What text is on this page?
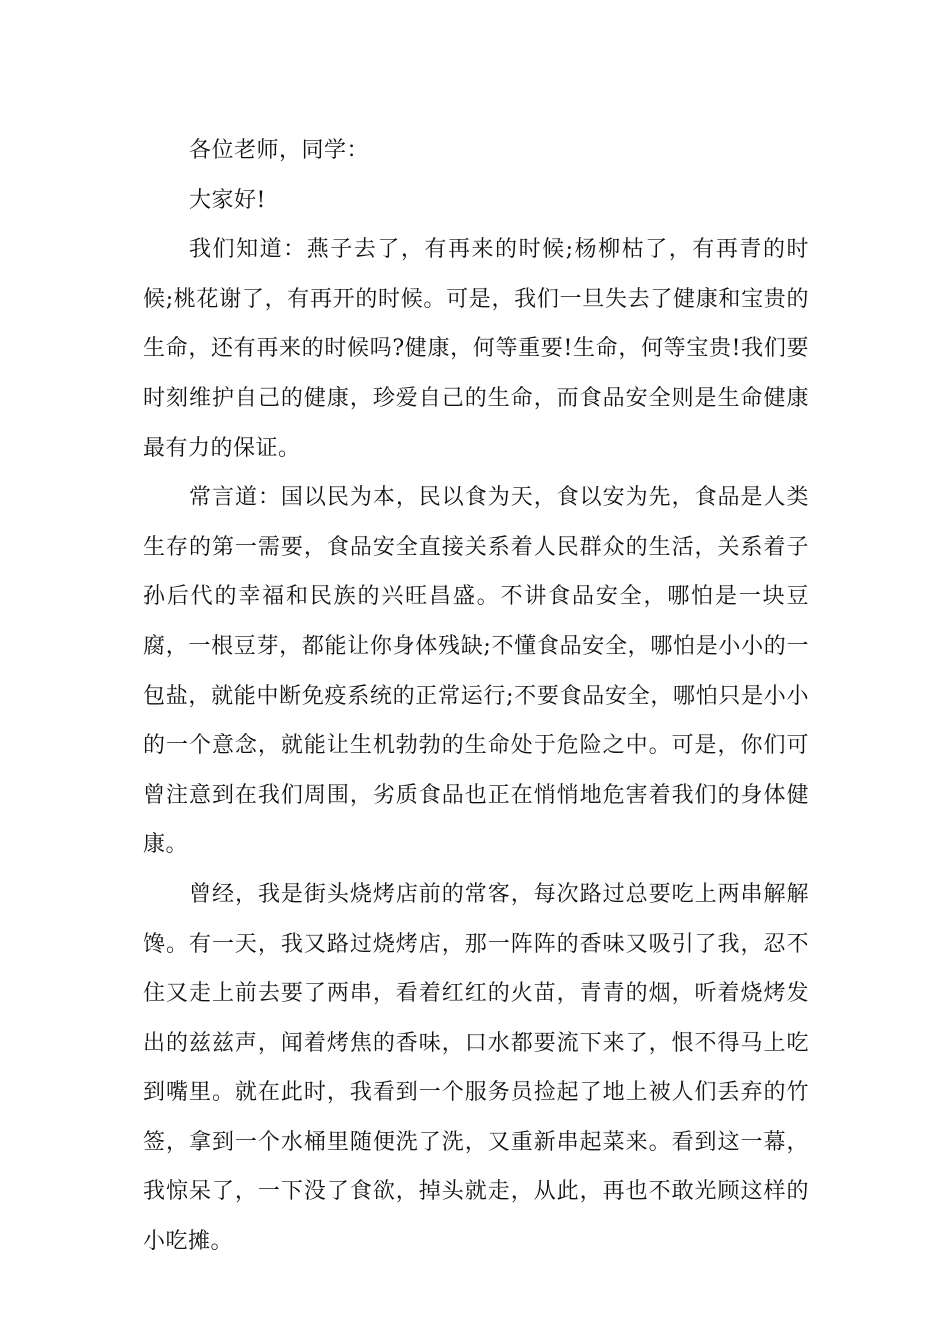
各位老师，同学：

大家好!

我们知道：燕子去了，有再来的时候;杨柳枯了，有再青的时候;桃花谢了，有再开的时候。可是，我们一旦失去了健康和宝贵的生命，还有再来的时候吗?健康，何等重要!生命，何等宝贵!我们要时刻维护自己的健康，珍爱自己的生命，而食品安全则是生命健康最有力的保证。

常言道：国以民为本，民以食为天，食以安为先，食品是人类生存的第一需要，食品安全直接关系着人民群众的生活，关系着子孙后代的幸福和民族的兴旺昌盛。不讲食品安全，哪怕是一块豆腐，一根豆芽，都能让你身体残缺;不懂食品安全，哪怕是小小的一包盐，就能中断免疫系统的正常运行;不要食品安全，哪怕只是小小的一个意念，就能让生机勃勃的生命处于危险之中。可是，你们可曾注意到在我们周围，劣质食品也正在悄悄地危害着我们的身体健康。

曾经，我是街头烧烤店前的常客，每次路过总要吃上两串解解馋。有一天，我又路过烧烤店，那一阵阵的香味又吸引了我，忍不住又走上前去要了两串，看着红红的火苗，青青的烟，听着烧烤发出的兹兹声，闻着烤焦的香味，口水都要流下来了，恨不得马上吃到嘴里。就在此时，我看到一个服务员捡起了地上被人们丢弃的竹签，拿到一个水桶里随便洗了洗，又重新串起菜来。看到这一幕，我惊呆了，一下没了食欲，掉头就走，从此，再也不敢光顾这样的小吃摊。
